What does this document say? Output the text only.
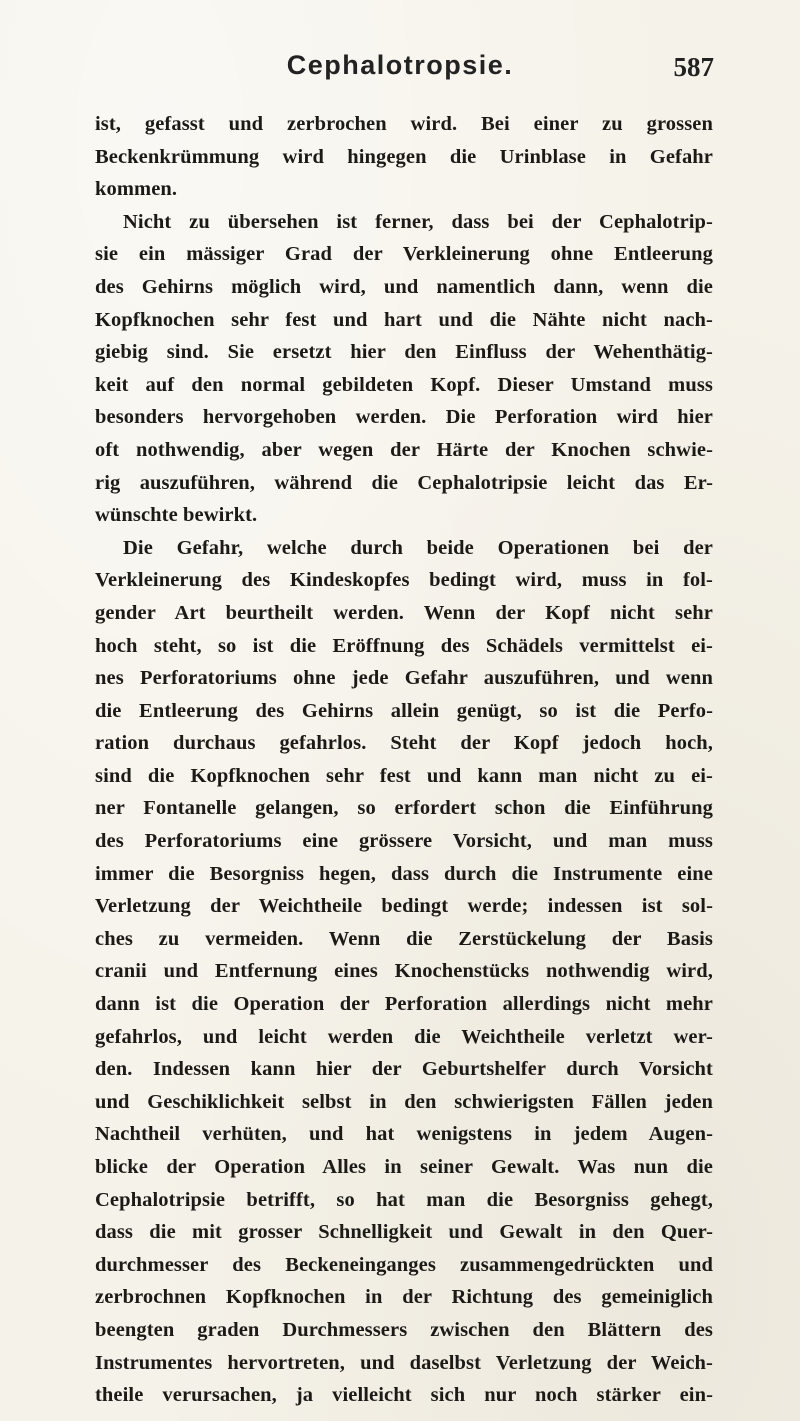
Cephalotropsie.	587
ist, gefasst und zerbrochen wird. Bei einer zu grossen
Beckenkrümmung wird hingegen die Urinblase in Gefahr
kommen.
Nicht zu übersehen ist ferner, dass bei der Cephalotrip-
sie ein mässiger Grad der Verkleinerung ohne Entleerung
des Gehirns möglich wird, und namentlich dann, wenn die
Kopfknochen sehr fest und hart und die Nähte nicht nach-
giebig sind. Sie ersetzt hier den Einfluss der Wehenthätig-
keit auf den normal gebildeten Kopf. Dieser Umstand muss
besonders hervorgehoben werden. Die Perforation wird hier
oft nothwendig, aber wegen der Härte der Knochen schwie-
rig auszuführen, während die Cephalotripsie leicht das Er-
wünschte bewirkt.
Die Gefahr, welche durch beide Operationen bei der
Verkleinerung des Kindeskopfes bedingt wird, muss in fol-
gender Art beurtheilt werden. Wenn der Kopf nicht sehr
hoch steht, so ist die Eröffnung des Schädels vermittelst ei-
nes Perforatoriums ohne jede Gefahr auszuführen, und wenn
die Entleerung des Gehirns allein genügt, so ist die Perfo-
ration durchaus gefahrlos. Steht der Kopf jedoch hoch,
sind die Kopfknochen sehr fest und kann man nicht zu ei-
ner Fontanelle gelangen, so erfordert schon die Einführung
des Perforatoriums eine grössere Vorsicht, und man muss
immer die Besorgniss hegen, dass durch die Instrumente eine
Verletzung der Weichtheile bedingt werde; indessen ist sol-
ches zu vermeiden. Wenn die Zerstückelung der Basis
cranii und Entfernung eines Knochenstücks nothwendig wird,
dann ist die Operation der Perforation allerdings nicht mehr
gefahrlos, und leicht werden die Weichtheile verletzt wer-
den. Indessen kann hier der Geburtshelfer durch Vorsicht
und Geschiklichkeit selbst in den schwierigsten Fällen jeden
Nachtheil verhüten, und hat wenigstens in jedem Augen-
blicke der Operation Alles in seiner Gewalt. Was nun die
Cephalotripsie betrifft, so hat man die Besorgniss gehegt,
dass die mit grosser Schnelligkeit und Gewalt in den Quer-
durchmesser des Beckeneinganges zusammengedrückten und
zerbrochnen Kopfknochen in der Richtung des gemeiniglich
beengten graden Durchmessers zwischen den Blättern des
Instrumentes hervortreten, und daselbst Verletzung der Weich-
theile verursachen, ja vielleicht sich nur noch stärker ein-
